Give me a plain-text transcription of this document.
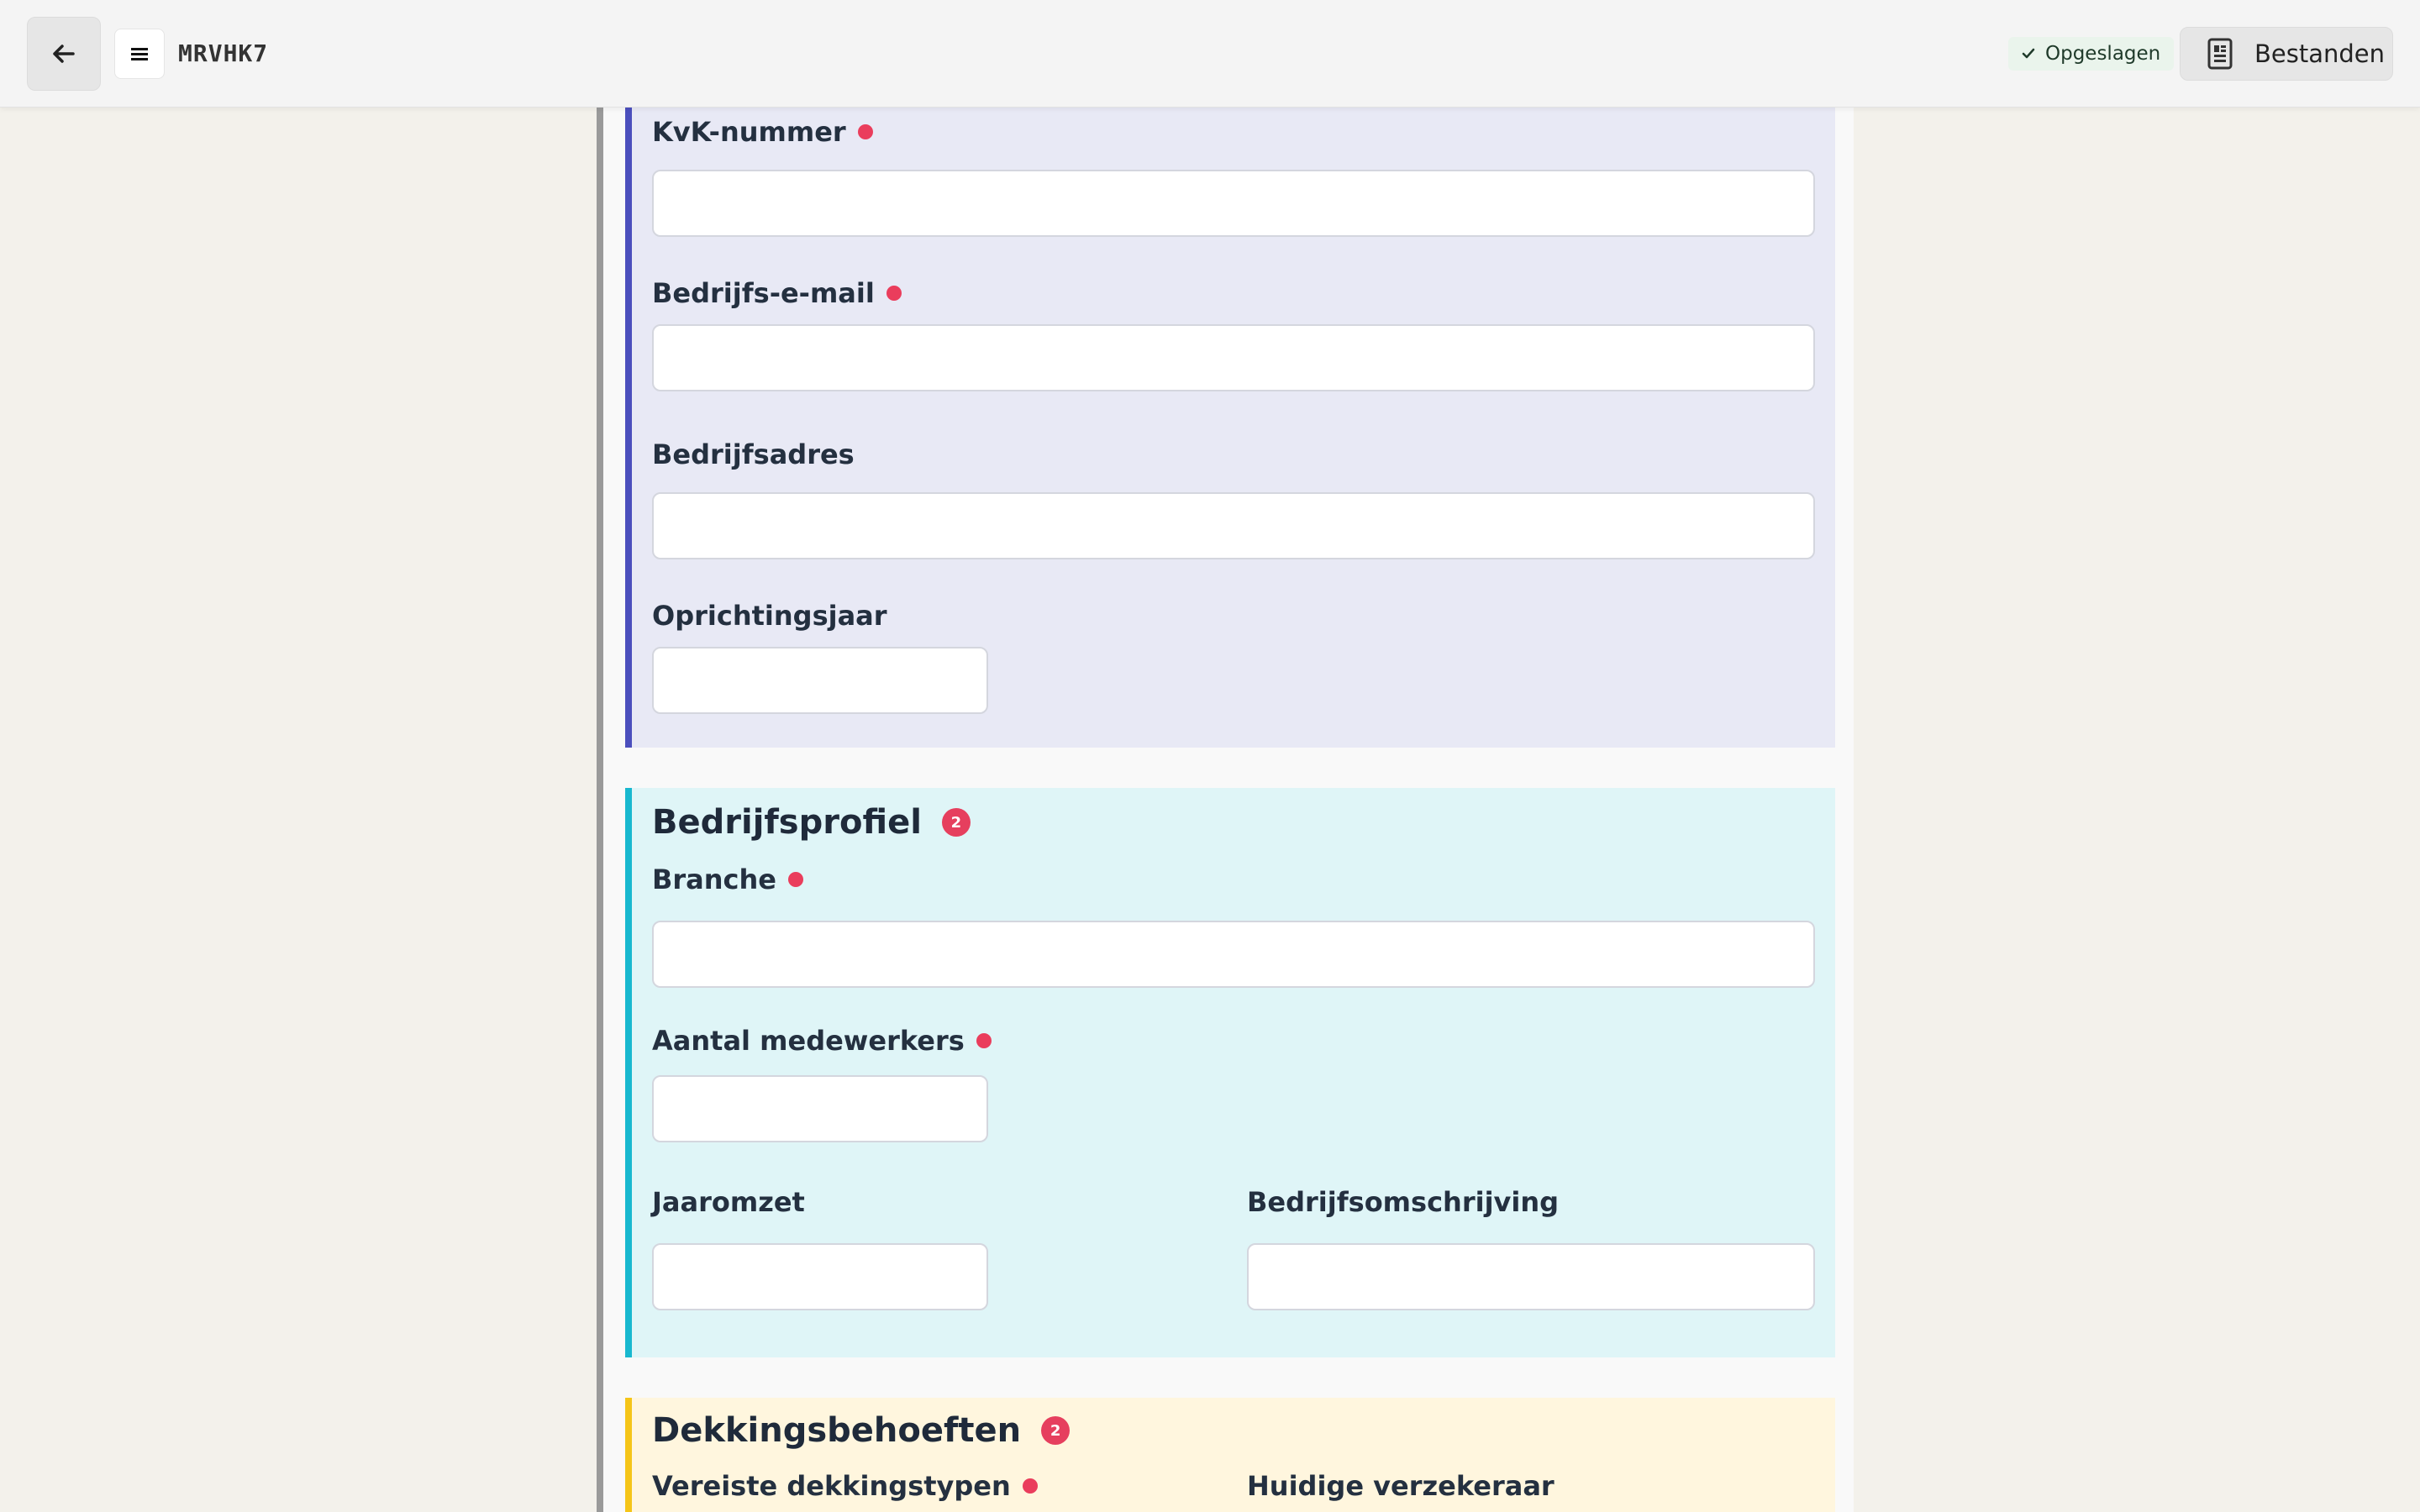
MRVHK7	Opgeslagen	Bestanden
KvK-nummer
Bedrijfs-e-mail
Bedrijfsadres
Oprichtingsjaar
Bedrijfsprofiel	2
Branche
Aantal medewerkers
Jaaromzet	Bedrijfsomschrijving
Dekkingsbehoeften	2
Vereiste dekkingstypen	Huidige verzekeraar
